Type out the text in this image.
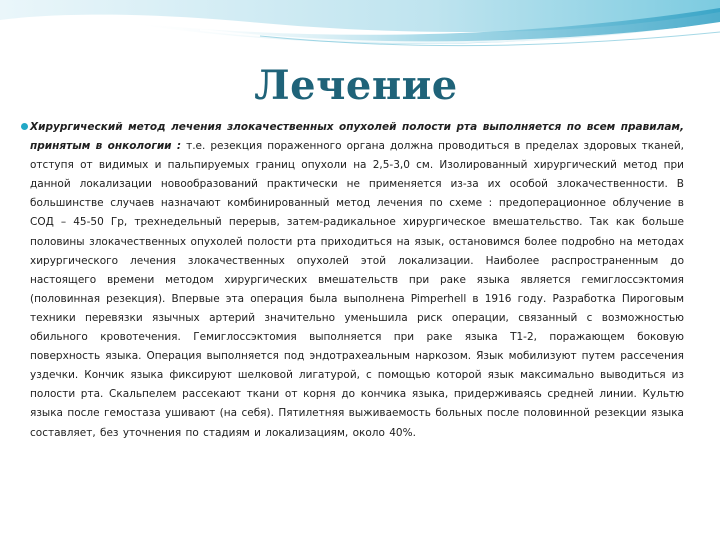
Лечение

Хирургический метод лечения злокачественных опухолей полости рта выполняется по всем правилам, принятым в онкологии : т.е. резекция пораженного органа должна проводиться в пределах здоровых тканей, отступя от видимых и пальпируемых границ опухоли на 2,5-3,0 см. Изолированный хирургический метод при данной локализации новообразований практически не применяется из-за их особой злокачественности. В большинстве случаев назначают комбинированный метод лечения по схеме : предоперационное облучение в СОД – 45-50 Гр, трехнедельный перерыв, затем-радикальное хирургическое вмешательство. Так как больше половины злокачественных опухолей полости рта приходиться на язык, остановимся более подробно на методах хирургического лечения злокачественных опухолей этой локализации. Наиболее распространенным до настоящего времени методом хирургических вмешательств при раке языка является гемиглоссэктомия (половинная резекция). Впервые эта операция была выполнена Pimperhell в 1916 году. Разработка Пироговым техники перевязки язычных артерий значительно уменьшила риск операции, связанный с возможностью обильного кровотечения. Гемиглоссэктомия выполняется при раке языка Т1-2, поражающем боковую поверхность языка. Операция выполняется под эндотрахеальным наркозом. Язык мобилизуют путем рассечения уздечки. Кончик языка фиксируют шелковой лигатурой, с помощью которой язык максимально выводиться из полости рта. Скальпелем рассекают ткани от корня до кончика языка, придерживаясь средней линии. Культю языка после гемостаза ушивают (на себя). Пятилетняя выживаемость больных после половинной резекции языка составляет, без уточнения по стадиям и локализациям, около 40%.
